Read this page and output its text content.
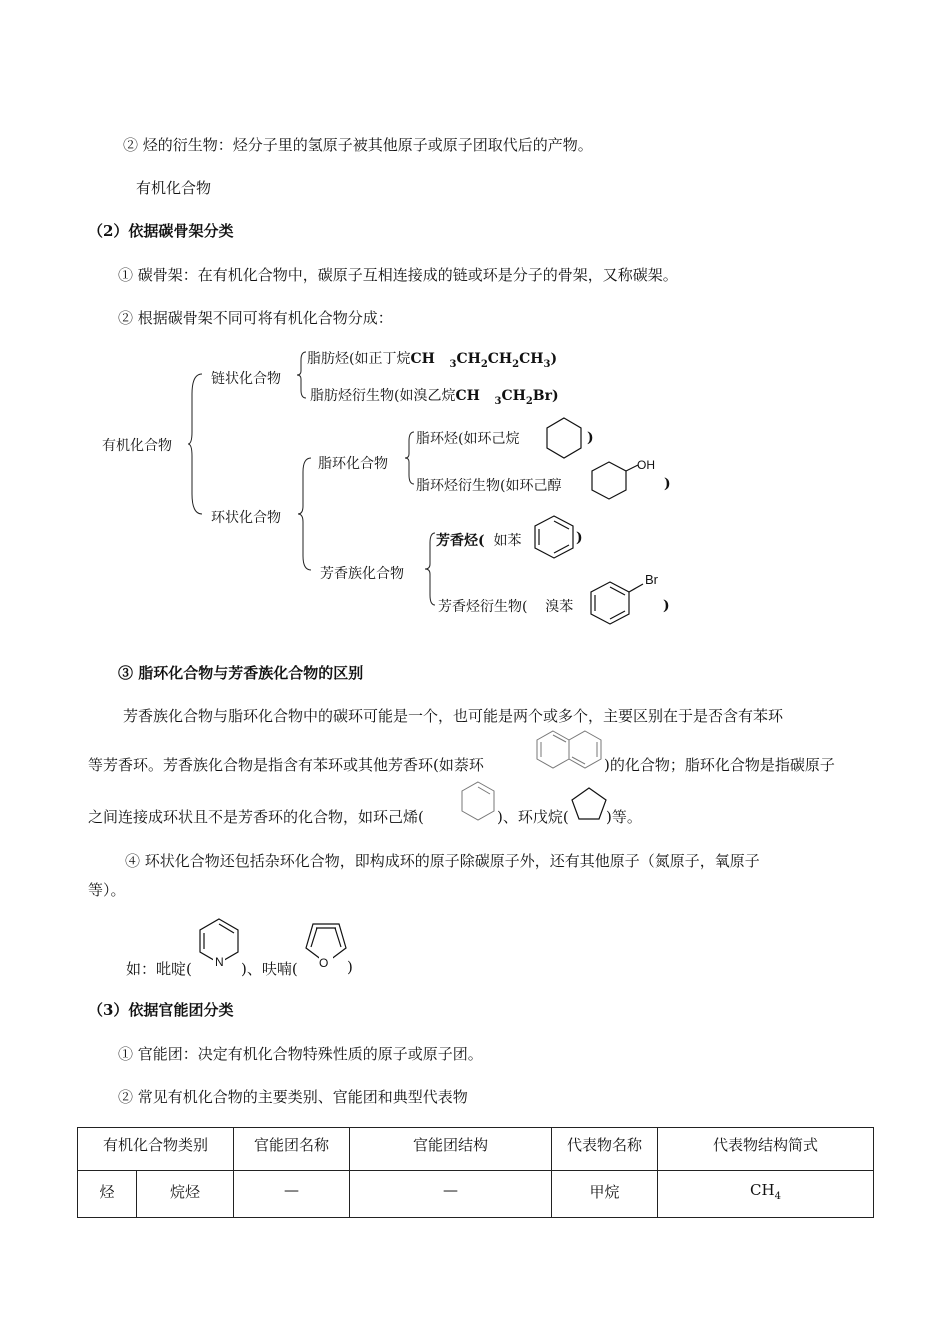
② 烃的衍生物：烃分子里的氢原子被其他原子或原子团取代后的产物。
有机化合物
（2）依据碳骨架分类
① 碳骨架：在有机化合物中，碳原子互相连接成的链或环是分子的骨架，又称碳架。
② 根据碳骨架不同可将有机化合物分成：
有机化合物
链状化合物
环状化合物
脂肪烃(如正丁烷CH   $_3CH_2CH_2CH_3$)
脂肪烃衍生物(如溴乙烷CH   $_3CH_2Br$)
脂环化合物
芳香族化合物
脂环烃(如环己烷	)
脂环烃衍生物(如环己醇	)
芳香烃( 如苯	)
芳香烃衍生物( 溴苯	)
OH
Br
③ 脂环化合物与芳香族化合物的区别
芳香族化合物与脂环化合物中的碳环可能是一个，也可能是两个或多个，主要区别在于是否含有苯环
等芳香环。芳香族化合物是指含有苯环或其他芳香环(如萘环	)的化合物；脂环化合物是指碳原子
之间连接成环状且不是芳香环的化合物，如环己烯(	)、环戊烷( )等。
④ 环状化合物还包括杂环化合物，即构成环的原子除碳原子外，还有其他原子（氮原子，氧原子
等）。
如：吡啶( N )、呋喃( O )
（3）依据官能团分类
① 官能团：决定有机化合物特殊性质的原子或原子团。
② 常见有机化合物的主要类别、官能团和典型代表物
有机化合物类别		官能团名称	官能团结构	代表物名称	代表物结构简式
烃	烷烃	—	—	甲烷	$CH_4$
